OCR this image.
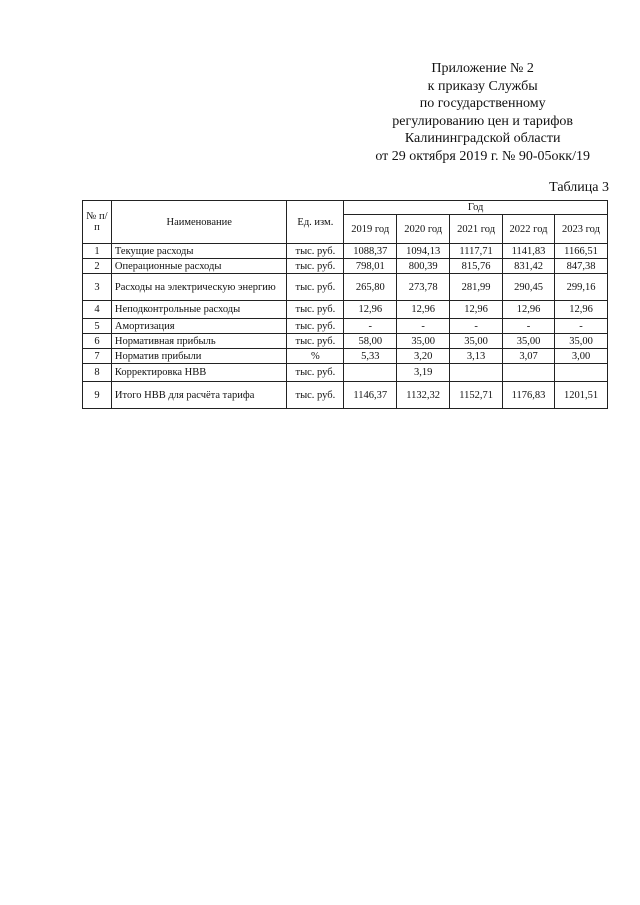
Приложение № 2
к приказу Службы
по государственному
регулированию цен и тарифов
Калининградской области
от 29 октября 2019 г. № 90-05окк/19
Таблица 3
№ п/п	Наименование	Ед. изм.	Год				
			2019 год	2020 год	2021 год	2022 год	2023 год
1	Текущие расходы	тыс. руб.	1088,37	1094,13	1117,71	1141,83	1166,51
2	Операционные расходы	тыс. руб.	798,01	800,39	815,76	831,42	847,38
3	Расходы на электрическую энергию	тыс. руб.	265,80	273,78	281,99	290,45	299,16
4	Неподконтрольные расходы	тыс. руб.	12,96	12,96	12,96	12,96	12,96
5	Амортизация	тыс. руб.	-	-	-	-	-
6	Нормативная прибыль	тыс. руб.	58,00	35,00	35,00	35,00	35,00
7	Норматив прибыли	%	5,33	3,20	3,13	3,07	3,00
8	Корректировка НВВ	тыс. руб.		3,19			
9	Итого НВВ для расчёта тарифа	тыс. руб.	1146,37	1132,32	1152,71	1176,83	1201,51
